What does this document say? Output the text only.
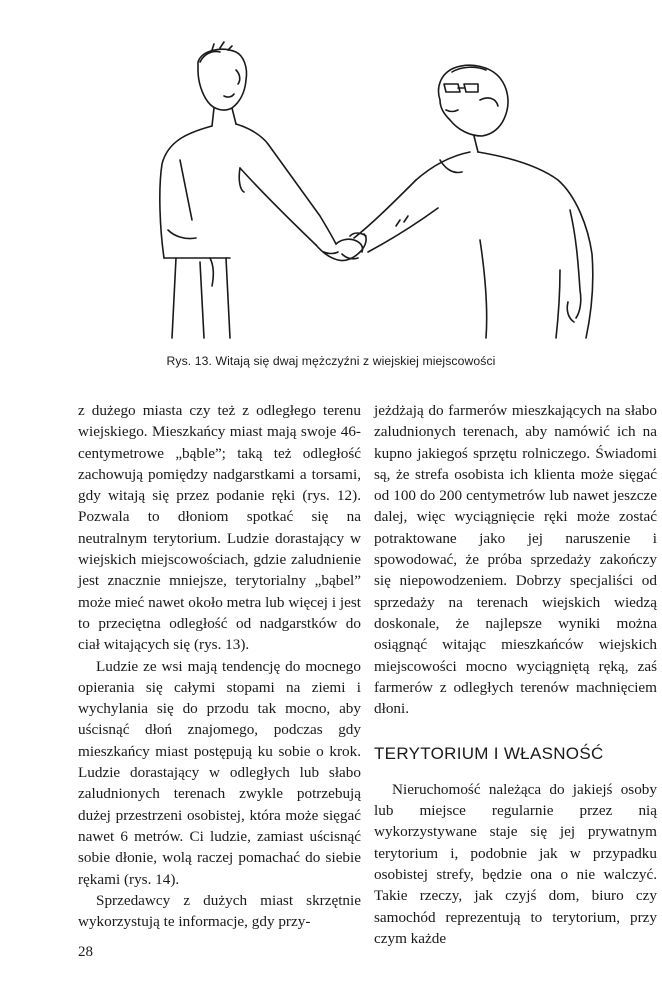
Rys. 13. Witają się dwaj mężczyźni z wiejskiej miejscowości

z dużego miasta czy też z odległego terenu wiejskiego. Mieszkańcy miast mają swoje 46-centymetrowe „bąble”; taką też odległość zachowują pomiędzy nadgarstkami a torsami, gdy witają się przez podanie ręki (rys. 12). Pozwala to dłoniom spotkać się na neutralnym terytorium. Ludzie dorastający w wiejskich miejscowościach, gdzie zaludnienie jest znacznie mniejsze, terytorialny „bąbel” może mieć nawet około metra lub więcej i jest to przeciętna odległość od nadgarstków do ciał witających się (rys. 13).

Ludzie ze wsi mają tendencję do mocnego opierania się całymi stopami na ziemi i wychylania się do przodu tak mocno, aby uścisnąć dłoń znajomego, podczas gdy mieszkańcy miast postępują ku sobie o krok. Ludzie dorastający w odległych lub słabo zaludnionych terenach zwykle potrzebują dużej przestrzeni osobistej, która może sięgać nawet 6 metrów. Ci ludzie, zamiast uścisnąć sobie dłonie, wolą raczej pomachać do siebie rękami (rys. 14).

Sprzedawcy z dużych miast skrzętnie wykorzystują te informacje, gdy przy-

jeżdżają do farmerów mieszkających na słabo zaludnionych terenach, aby namówić ich na kupno jakiegoś sprzętu rolniczego. Świadomi są, że strefa osobista ich klienta może sięgać od 100 do 200 centymetrów lub nawet jeszcze dalej, więc wyciągnięcie ręki może zostać potraktowane jako jej naruszenie i spowodować, że próba sprzedaży zakończy się niepowodzeniem. Dobrzy specjaliści od sprzedaży na terenach wiejskich wiedzą doskonale, że najlepsze wyniki można osiągnąć witając mieszkańców wiejskich miejscowości mocno wyciągniętą ręką, zaś farmerów z odległych terenów machnięciem dłoni.

TERYTORIUM I WŁASNOŚĆ

Nieruchomość należąca do jakiejś osoby lub miejsce regularnie przez nią wykorzystywane staje się jej prywatnym terytorium i, podobnie jak w przypadku osobistej strefy, będzie ona o nie walczyć. Takie rzeczy, jak czyjś dom, biuro czy samochód reprezentują to terytorium, przy czym każde

28
